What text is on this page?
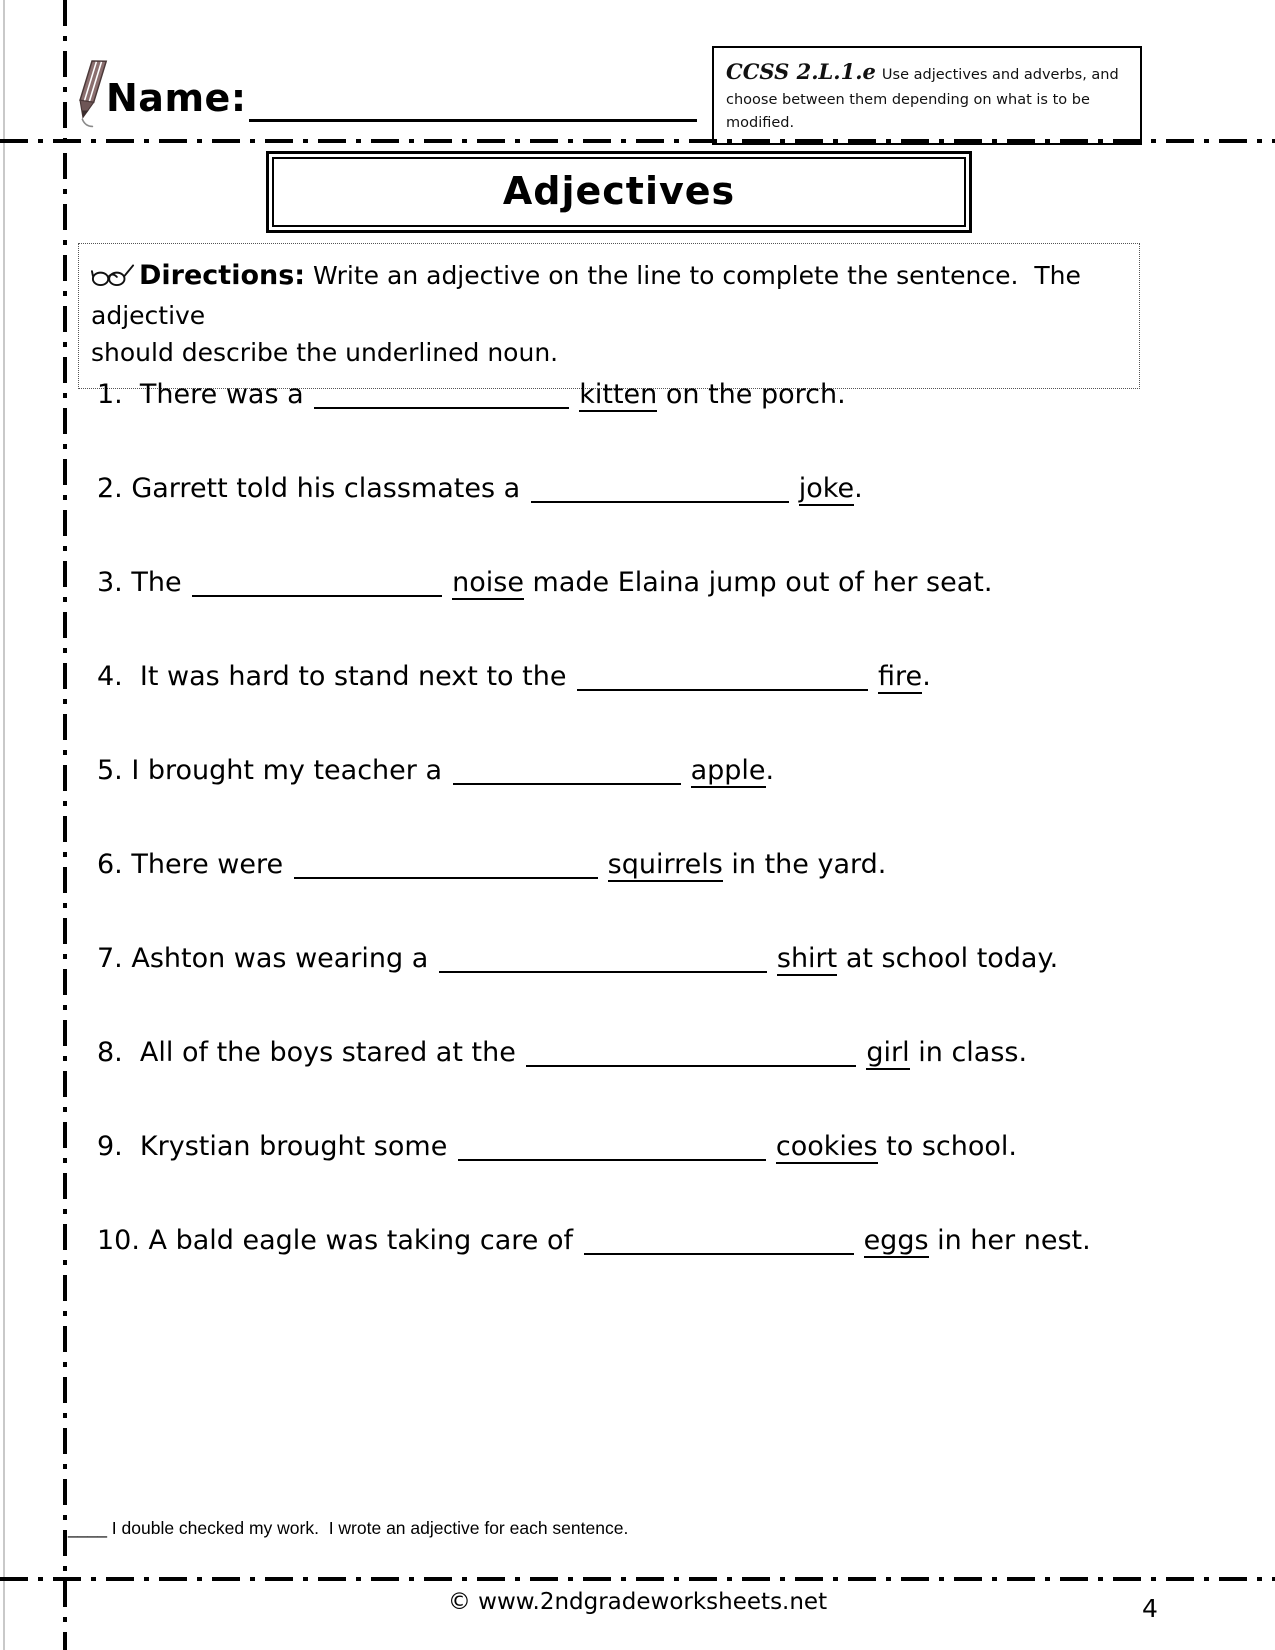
Name:
CCSS 2.L.1.e Use adjectives and adverbs, and choose between them depending on what is to be modified.
Adjectives
Directions: Write an adjective on the line to complete the sentence.  The adjective
should describe the underlined noun.
1.  There was a	kitten on the porch.
2. Garrett told his classmates a	joke.
3. The	noise made Elaina jump out of her seat.
4.  It was hard to stand next to the	fire.
5. I brought my teacher a	apple.
6. There were	squirrels in the yard.
7. Ashton was wearing a	shirt at school today.
8.  All of the boys stared at the	girl in class.
9.  Krystian brought some	cookies to school.
10. A bald eagle was taking care of	eggs in her nest.
____ I double checked my work.  I wrote an adjective for each sentence.
© www.2ndgradeworksheets.net	4
